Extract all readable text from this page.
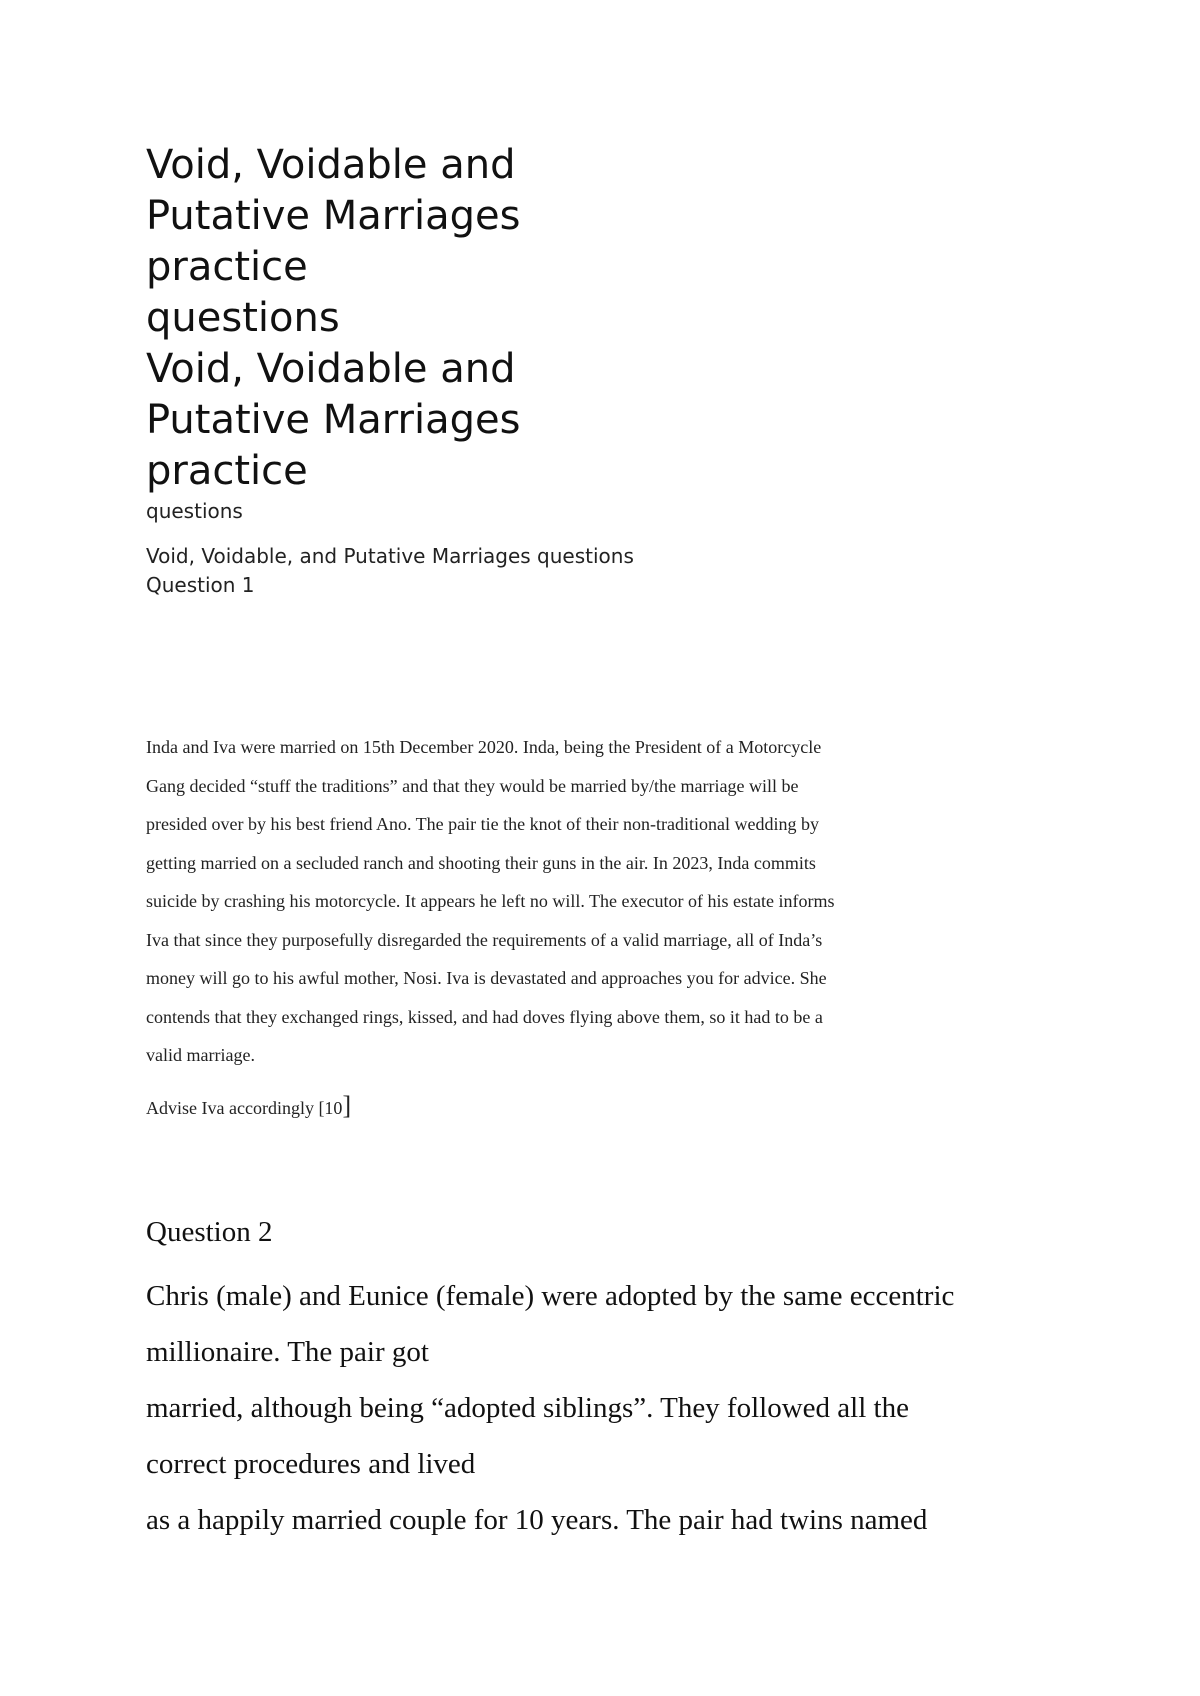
Void, Voidable and
Putative Marriages
practice
questions
Void, Voidable and
Putative Marriages
practice
questions
Void, Voidable, and Putative Marriages questions
Question 1
Inda and Iva were married on 15th December 2020. Inda, being the President of a Motorcycle
Gang decided “stuff the traditions” and that they would be married by/the marriage will be
presided over by his best friend Ano. The pair tie the knot of their non-traditional wedding by
getting married on a secluded ranch and shooting their guns in the air. In 2023, Inda commits
suicide by crashing his motorcycle. It appears he left no will. The executor of his estate informs
Iva that since they purposefully disregarded the requirements of a valid marriage, all of Inda’s
money will go to his awful mother, Nosi. Iva is devastated and approaches you for advice. She
contends that they exchanged rings, kissed, and had doves flying above them, so it had to be a
valid marriage.
Advise Iva accordingly [10]
Question 2
Chris (male) and Eunice (female) were adopted by the same eccentric
millionaire. The pair got
married, although being “adopted siblings”. They followed all the
correct procedures and lived
as a happily married couple for 10 years. The pair had twins named
